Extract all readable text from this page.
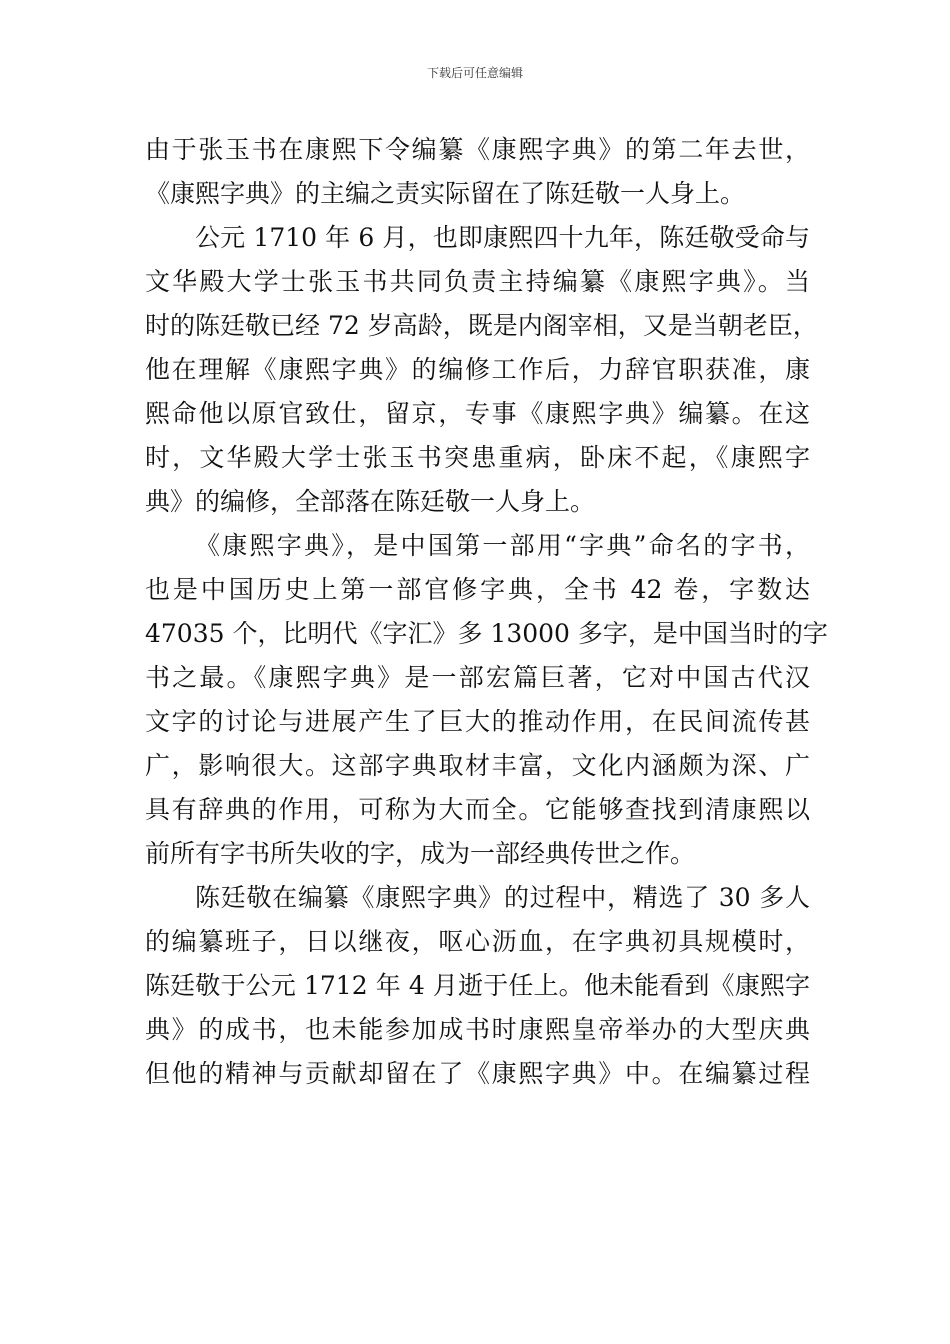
下载后可任意编辑
由于张玉书在康熙下令编纂《康熙字典》的第二年去世，
《康熙字典》的主编之责实际留在了陈廷敬一人身上。
公元 1710 年 6 月，也即康熙四十九年，陈廷敬受命与
文华殿大学士张玉书共同负责主持编纂《康熙字典》。当
时的陈廷敬已经 72 岁高龄，既是内阁宰相，又是当朝老臣，
他在理解《康熙字典》的编修工作后，力辞官职获准，康
熙命他以原官致仕，留京，专事《康熙字典》编纂。在这
时，文华殿大学士张玉书突患重病，卧床不起，《康熙字
典》的编修，全部落在陈廷敬一人身上。
《康熙字典》，是中国第一部用“字典”命名的字书，
也是中国历史上第一部官修字典，全书 42 卷，字数达
47035 个，比明代《字汇》多 13000 多字，是中国当时的字
书之最。《康熙字典》是一部宏篇巨著，它对中国古代汉
文字的讨论与进展产生了巨大的推动作用，在民间流传甚
广，影响很大。这部字典取材丰富，文化内涵颇为深、广
具有辞典的作用，可称为大而全。它能够查找到清康熙以
前所有字书所失收的字，成为一部经典传世之作。
陈廷敬在编纂《康熙字典》的过程中，精选了 30 多人
的编纂班子，日以继夜，呕心沥血，在字典初具规模时，
陈廷敬于公元 1712 年 4 月逝于任上。他未能看到《康熙字
典》的成书，也未能参加成书时康熙皇帝举办的大型庆典
但他的精神与贡献却留在了《康熙字典》中。在编纂过程
